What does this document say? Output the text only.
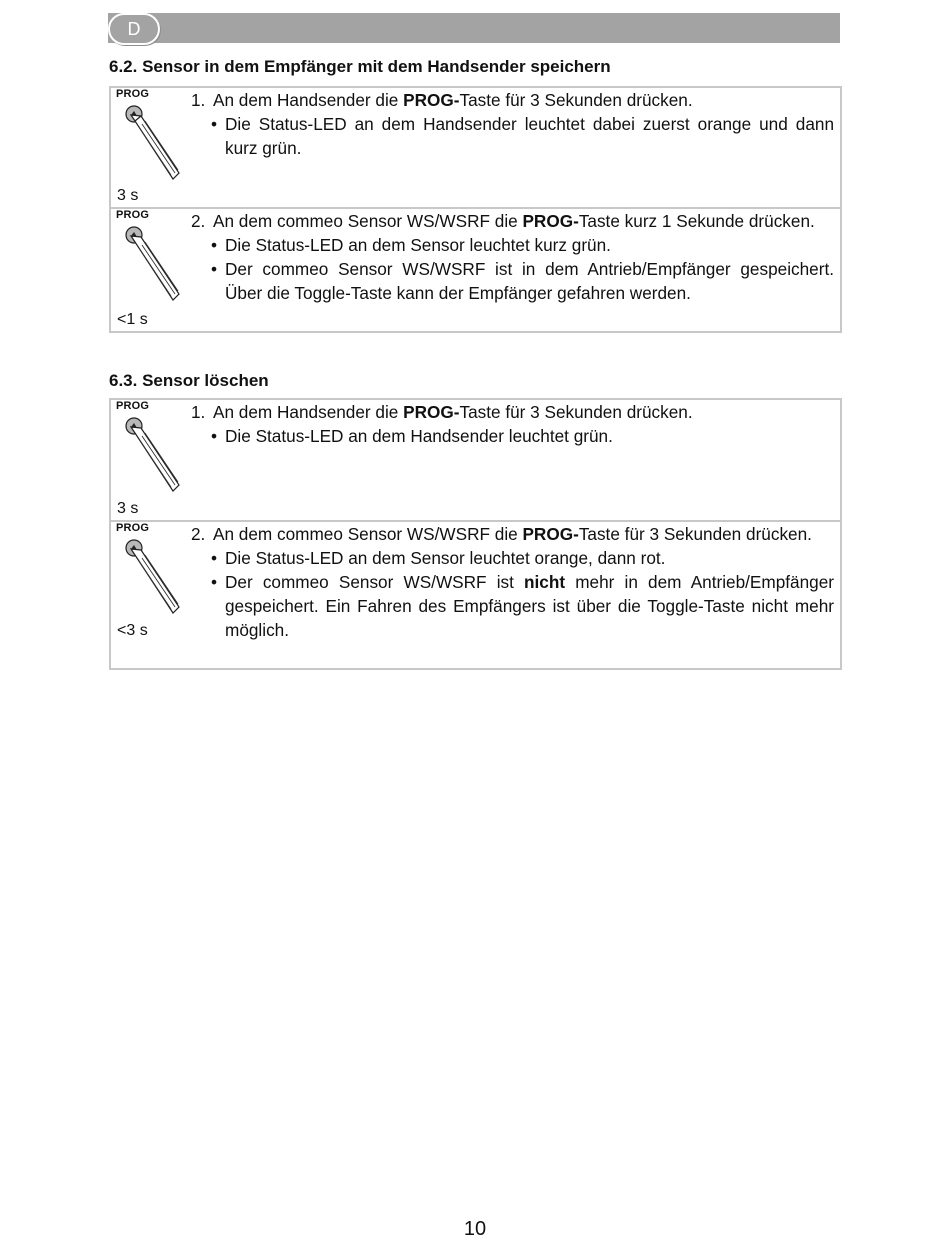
D
6.2. Sensor in dem Empfänger mit dem Handsender speichern
PROG
3 s
1. An dem Handsender die PROG-Taste für 3 Sekunden drücken.
• Die Status-LED an dem Handsender leuchtet dabei zuerst orange und dann kurz grün.
PROG
<1 s
2. An dem commeo Sensor WS/WSRF die PROG-Taste kurz 1 Sekunde drücken.
• Die Status-LED an dem Sensor leuchtet kurz grün.
• Der commeo Sensor WS/WSRF ist in dem Antrieb/Empfänger gespeichert. Über die Toggle-Taste kann der Empfänger gefahren werden.
6.3. Sensor löschen
PROG
3 s
1. An dem Handsender die PROG-Taste für 3 Sekunden drücken.
• Die Status-LED an dem Handsender leuchtet grün.
PROG
<3 s
2. An dem commeo Sensor WS/WSRF die PROG-Taste für 3 Sekunden drücken.
• Die Status-LED an dem Sensor leuchtet orange, dann rot.
• Der commeo Sensor WS/WSRF ist nicht mehr in dem Antrieb/Empfänger gespeichert. Ein Fahren des Empfängers ist über die Toggle-Taste nicht mehr möglich.
10
